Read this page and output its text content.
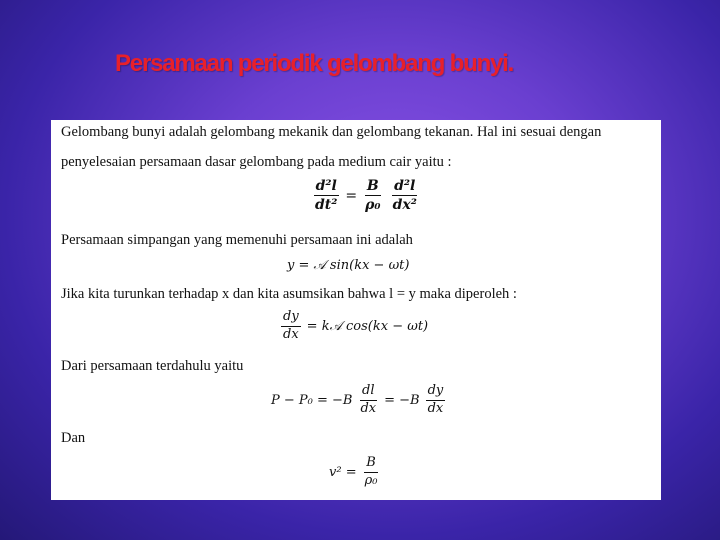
Persamaan periodik gelombang bunyi.
Gelombang bunyi adalah gelombang mekanik dan gelombang tekanan. Hal ini sesuai dengan
penyelesaian persamaan dasar gelombang pada medium cair yaitu :
$\frac{\text{d²l}}{\text{dt²}} = \frac{B}{\text{ρ₀}} \frac{\text{d²l}}{\text{dx²}}$
Persamaan simpangan yang memenuhi persamaan ini adalah
y = 𝒜 sin(kx − ωt)
Jika kita turunkan terhadap x dan kita asumsikan bahwa l = y maka diperoleh :
$\frac{dy}{dx}$ = k𝒜 cos(kx − ωt)
Dari persamaan terdahulu yaitu
$P - P_0 = -B \frac{dl}{dx} = -B \frac{dy}{dx}$
Dan
$v^2 = \frac{B}{\text{ρ₀}}$
